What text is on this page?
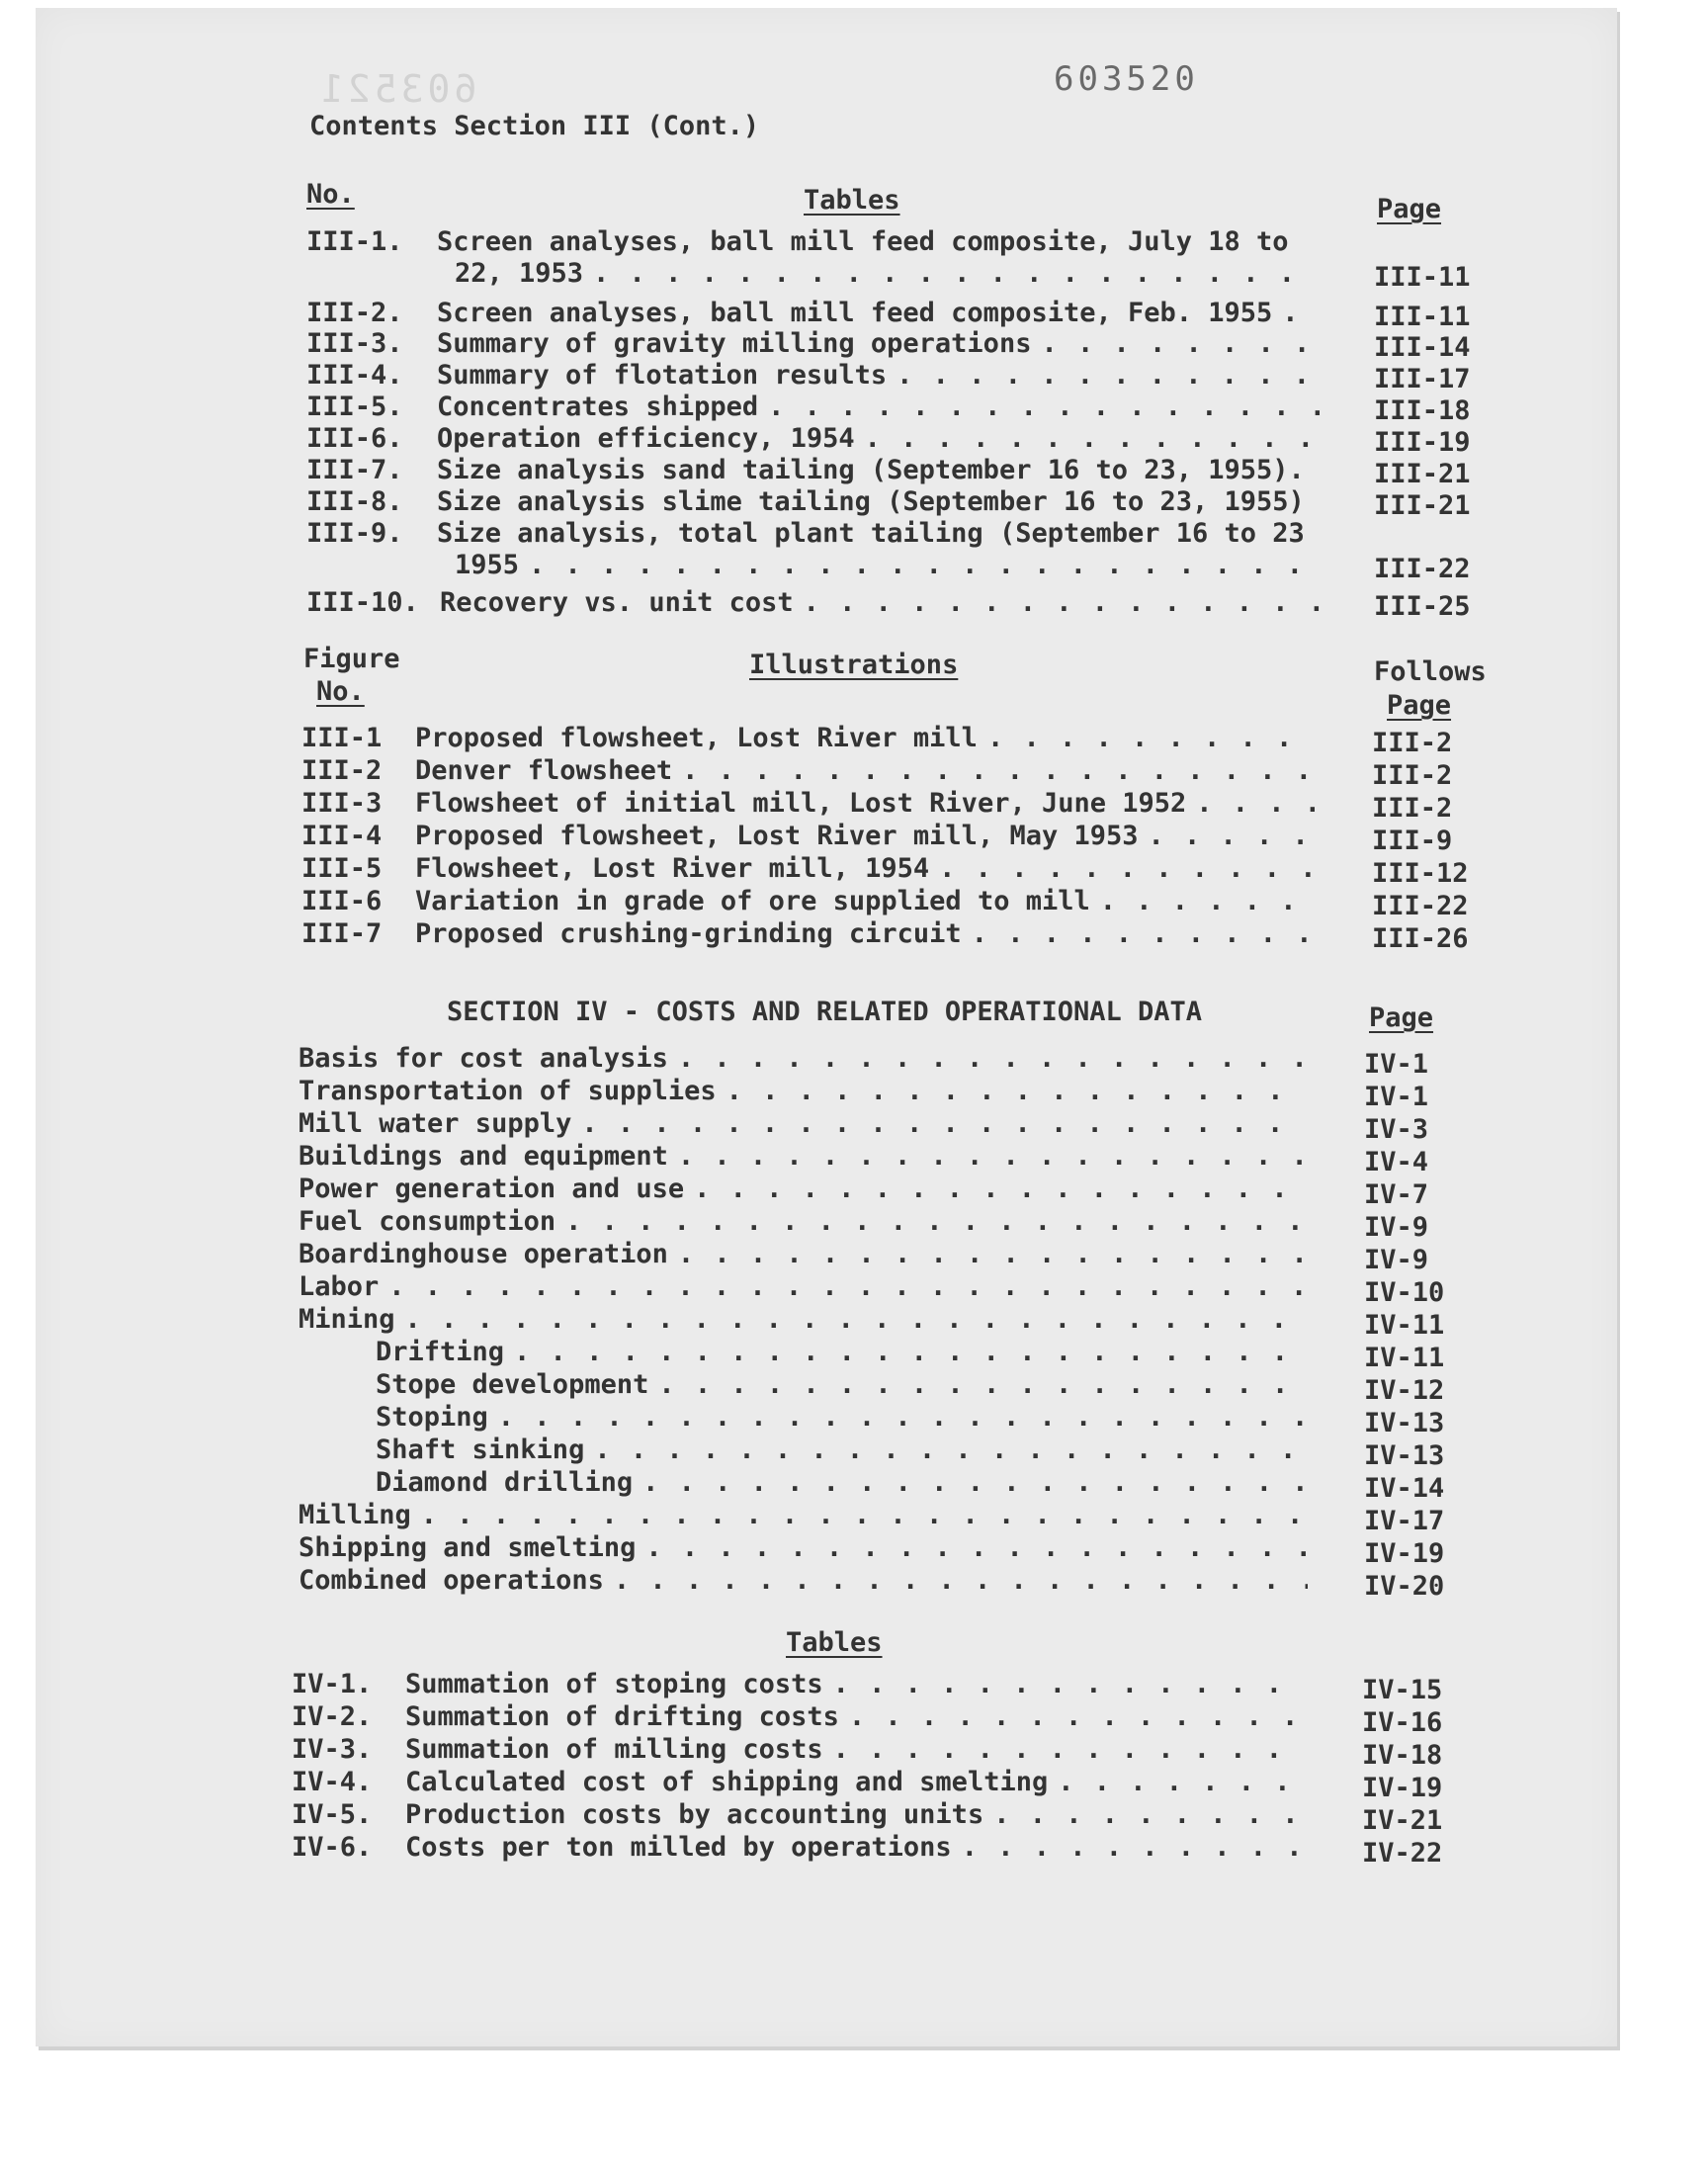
603521	603520
Contents Section III (Cont.)
No.	Tables	Page
III-1.	Screen analyses, ball mill feed composite, July 18 to
22, 1953 . . .	III-11
III-2.	Screen analyses, ball mill feed composite, Feb. 1955 . . .	III-11
III-3.	Summary of gravity milling operations . . .	III-14
III-4.	Summary of flotation results . . .	III-17
III-5.	Concentrates shipped . . .	III-18
III-6.	Operation efficiency, 1954 . . .	III-19
III-7.	Size analysis sand tailing (September 16 to 23, 1955). . . .	III-21
III-8.	Size analysis slime tailing (September 16 to 23, 1955) . . .	III-21
III-9.	Size analysis, total plant tailing (September 16 to 23
1955 . . .	III-22
III-10. Recovery vs. unit cost . . .	III-25
Figure
No.
Illustrations	Follows
Page
III-1	Proposed flowsheet, Lost River mill . . .	III-2
III-2	Denver flowsheet . . .	III-2
III-3	Flowsheet of initial mill, Lost River, June 1952 . . .	III-2
III-4	Proposed flowsheet, Lost River mill, May 1953 . . .	III-9
III-5	Flowsheet, Lost River mill, 1954 . . .	III-12
III-6	Variation in grade of ore supplied to mill . . .	III-22
III-7	Proposed crushing-grinding circuit . . .	III-26
SECTION IV - COSTS AND RELATED OPERATIONAL DATA	Page
Basis for cost analysis . . .	IV-1
Transportation of supplies . . .	IV-1
Mill water supply . . .	IV-3
Buildings and equipment . . .	IV-4
Power generation and use . . .	IV-7
Fuel consumption . . .	IV-9
Boardinghouse operation . . .	IV-9
Labor . . .	IV-10
Mining . . .	IV-11
Drifting . . .	IV-11
Stope development . . .	IV-12
Stoping . . .	IV-13
Shaft sinking . . .	IV-13
Diamond drilling . . .	IV-14
Milling . . .	IV-17
Shipping and smelting . . .	IV-19
Combined operations . . .	IV-20
Tables
IV-1.	Summation of stoping costs . . .	IV-15
IV-2.	Summation of drifting costs . . .	IV-16
IV-3.	Summation of milling costs . . .	IV-18
IV-4.	Calculated cost of shipping and smelting . . .	IV-19
IV-5.	Production costs by accounting units . . .	IV-21
IV-6.	Costs per ton milled by operations . . .	IV-22
